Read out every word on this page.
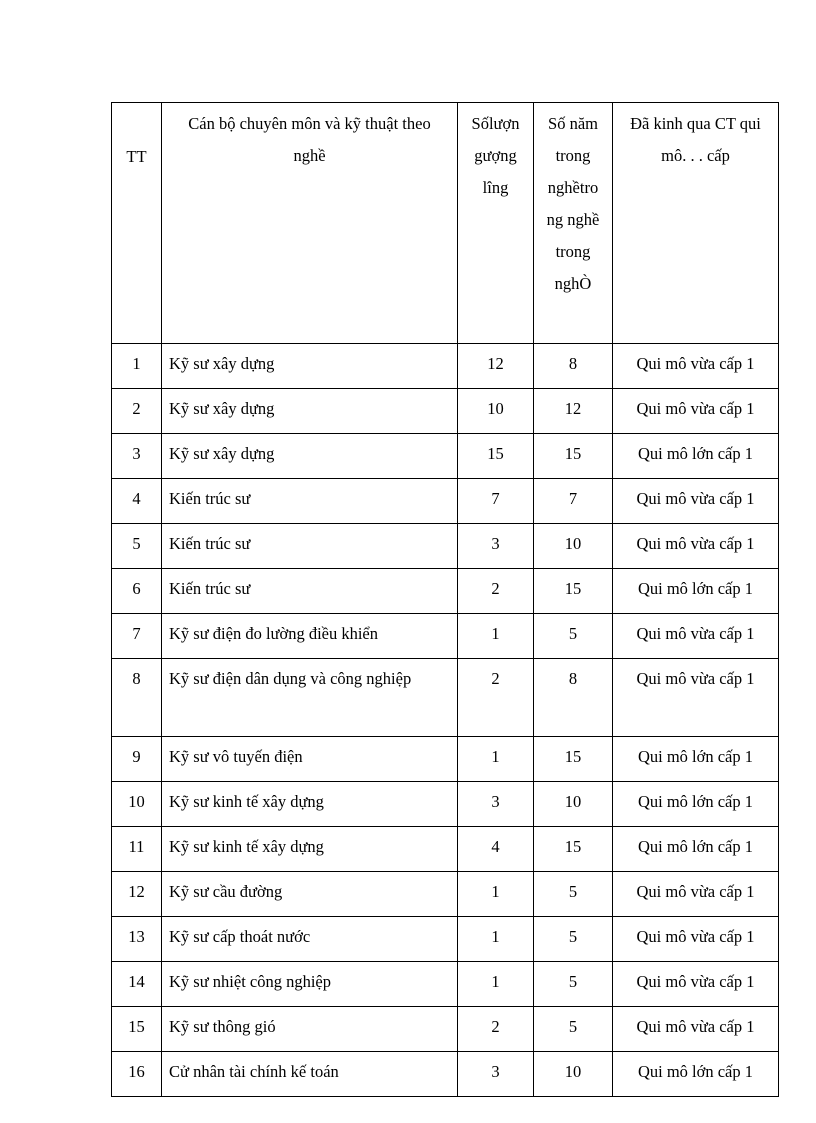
TT	Cán bộ chuyên môn và kỹ thuật theo nghề	Sốlượn gượng lîng	Số năm trong nghềtro ng nghề trong nghÒ	Đã kinh qua CT qui mô. . . cấp

1	Kỹ sư xây dựng	12	8	Qui mô vừa cấp 1
2	Kỹ sư xây dựng	10	12	Qui mô vừa cấp 1
3	Kỹ sư xây dựng	15	15	Qui mô lớn cấp 1
4	Kiến trúc sư	7	7	Qui mô vừa cấp 1
5	Kiến trúc sư	3	10	Qui mô vừa cấp 1
6	Kiến trúc sư	2	15	Qui mô lớn cấp 1
7	Kỹ sư điện đo lường điều khiển	1	5	Qui mô vừa cấp 1
8	Kỹ sư điện dân dụng và công nghiệp	2	8	Qui mô vừa cấp 1
9	Kỹ sư vô tuyến điện	1	15	Qui mô lớn cấp 1
10	Kỹ sư kinh tế xây dựng	3	10	Qui mô lớn cấp 1
11	Kỹ sư kinh tế xây dựng	4	15	Qui mô lớn cấp 1
12	Kỹ sư cầu đường	1	5	Qui mô vừa cấp 1
13	Kỹ sư cấp thoát nước	1	5	Qui mô vừa cấp 1
14	Kỹ sư nhiệt công nghiệp	1	5	Qui mô vừa cấp 1
15	Kỹ sư thông gió	2	5	Qui mô vừa cấp 1
16	Cử nhân tài chính kế toán	3	10	Qui mô lớn cấp 1
